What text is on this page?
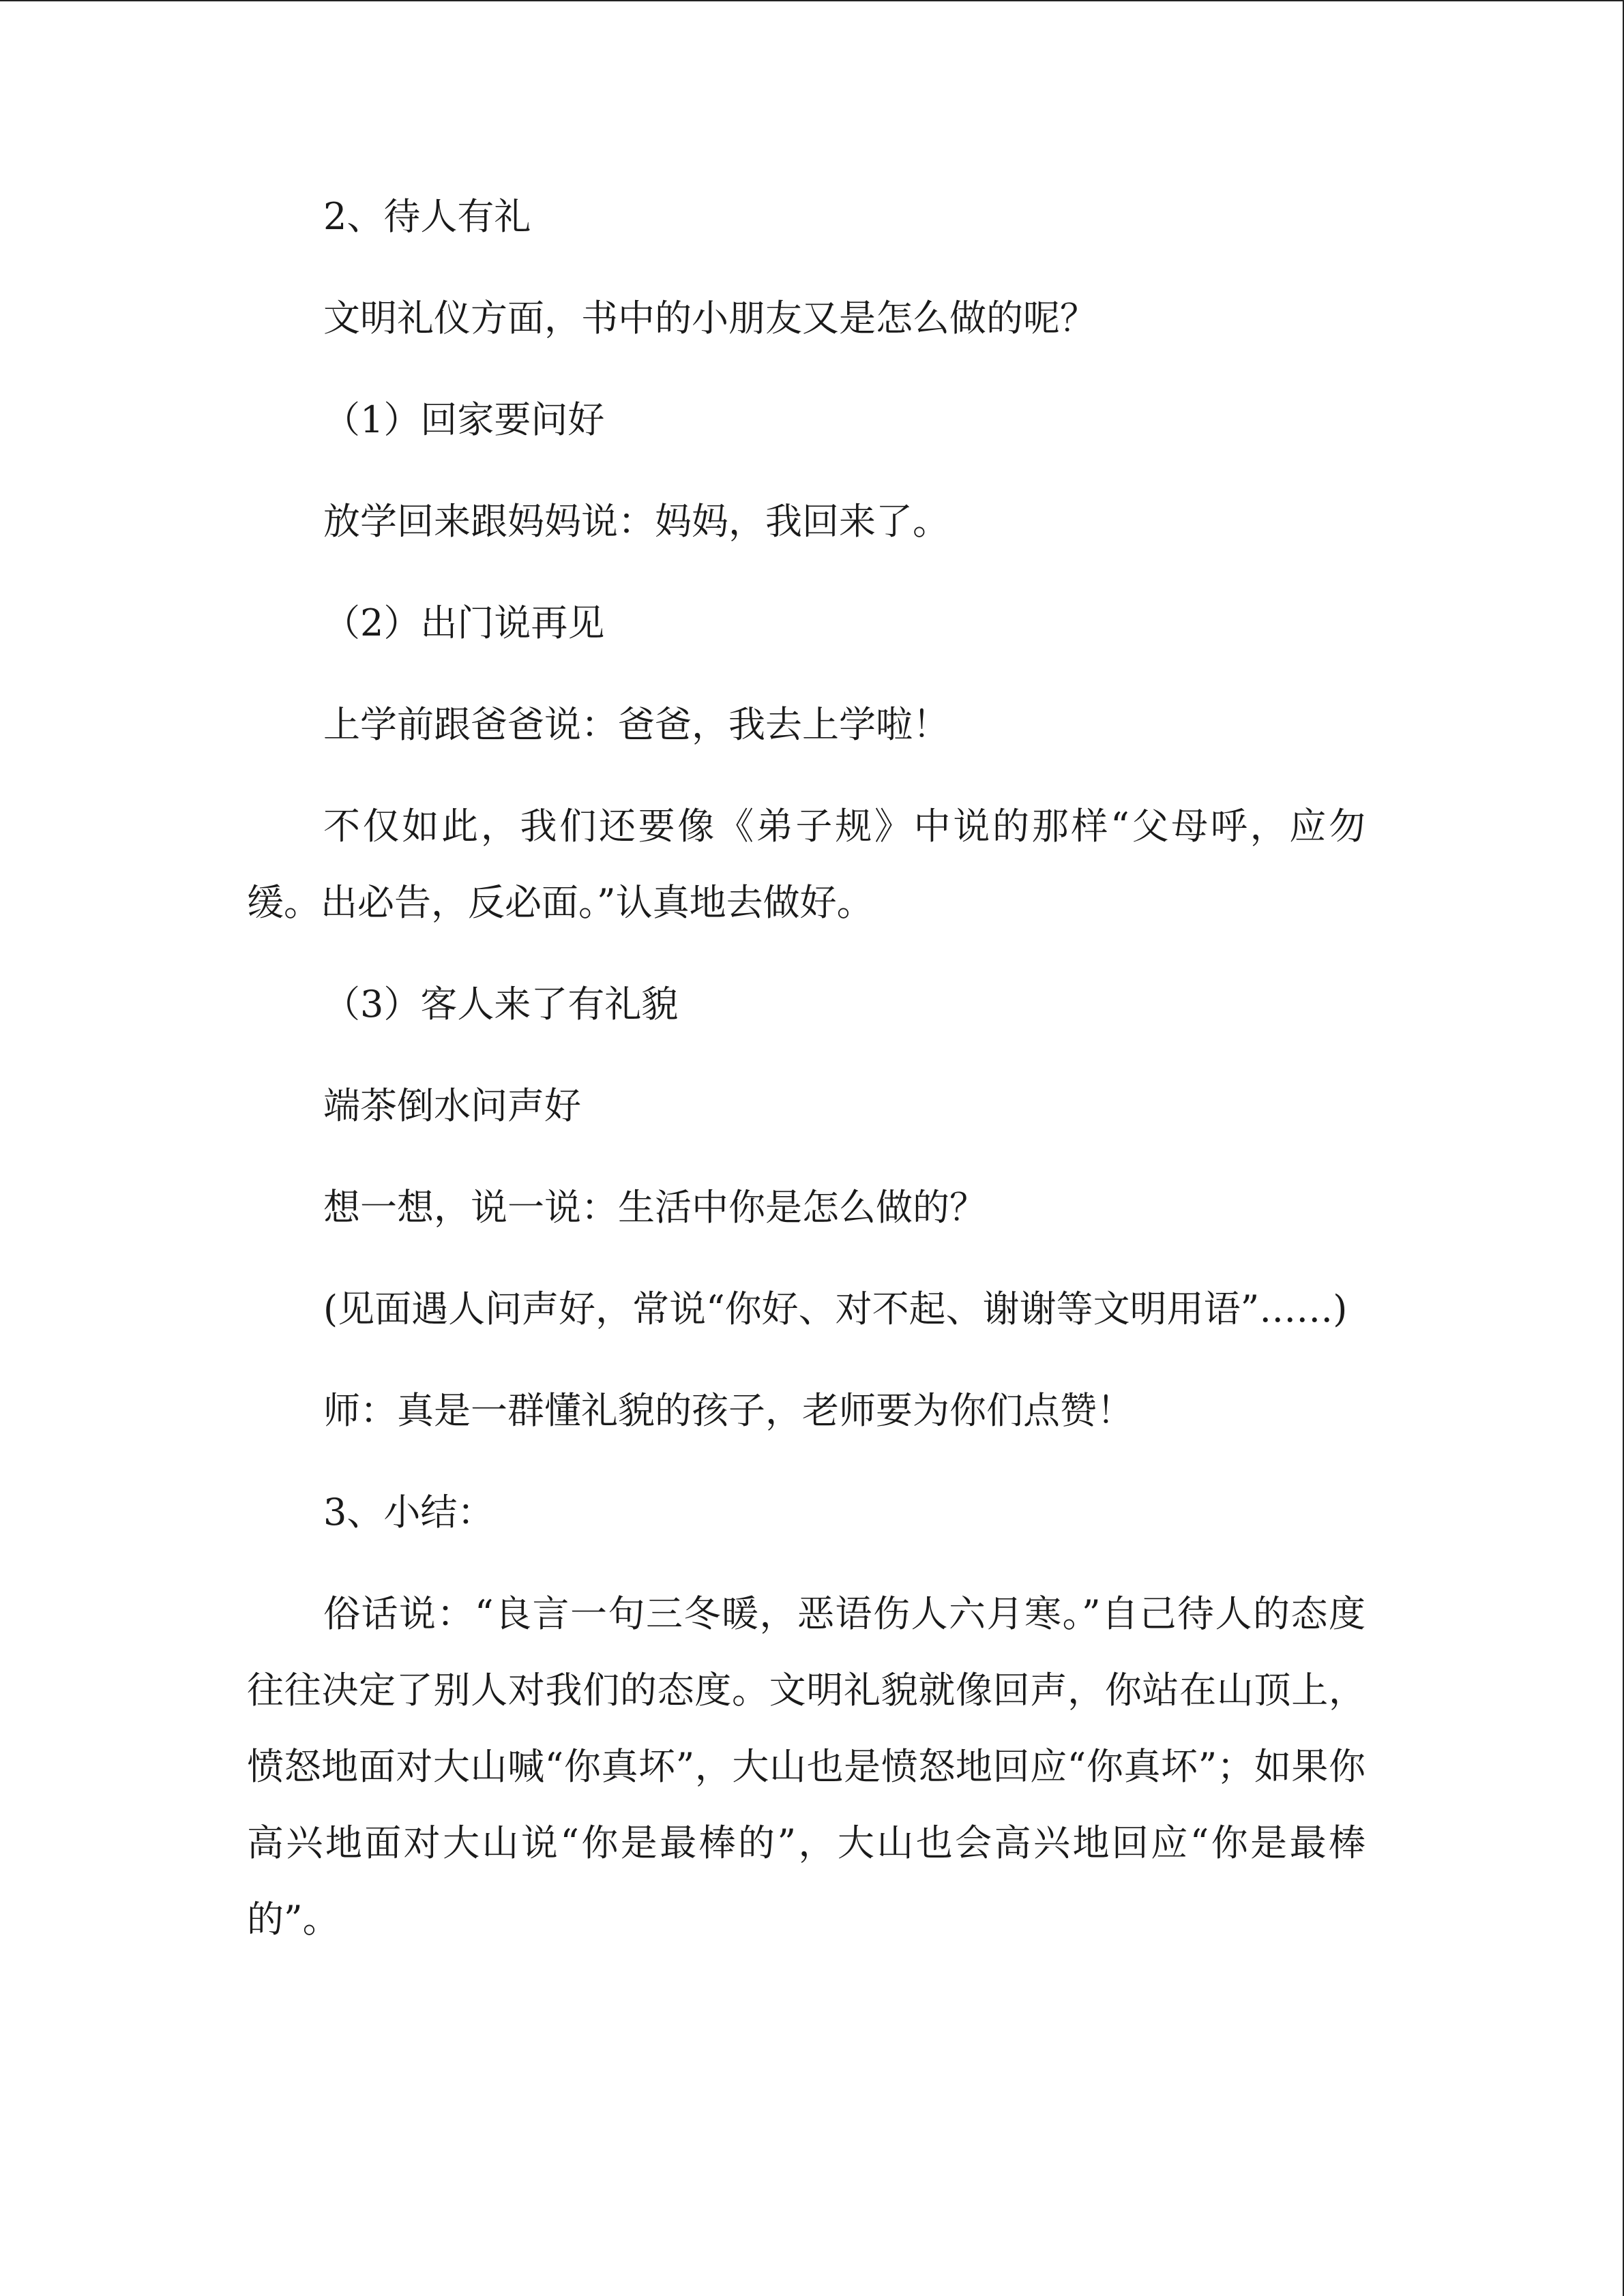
2、待人有礼

文明礼仪方面，书中的小朋友又是怎么做的呢？

（1）回家要问好

放学回来跟妈妈说：妈妈，我回来了。

（2）出门说再见

上学前跟爸爸说：爸爸，我去上学啦！

不仅如此，我们还要像《弟子规》中说的那样“父母呼，应勿缓。出必告，反必面。”认真地去做好。

（3）客人来了有礼貌

端茶倒水问声好

想一想，说一说：生活中你是怎么做的？

(见面遇人问声好，常说“你好、对不起、谢谢等文明用语”……)

师：真是一群懂礼貌的孩子，老师要为你们点赞！

3、小结：

俗话说：“良言一句三冬暖，恶语伤人六月寒。”自己待人的态度往往决定了别人对我们的态度。文明礼貌就像回声，你站在山顶上，愤怒地面对大山喊“你真坏”，大山也是愤怒地回应“你真坏”；如果你高兴地面对大山说“你是最棒的”，大山也会高兴地回应“你是最棒的”。
